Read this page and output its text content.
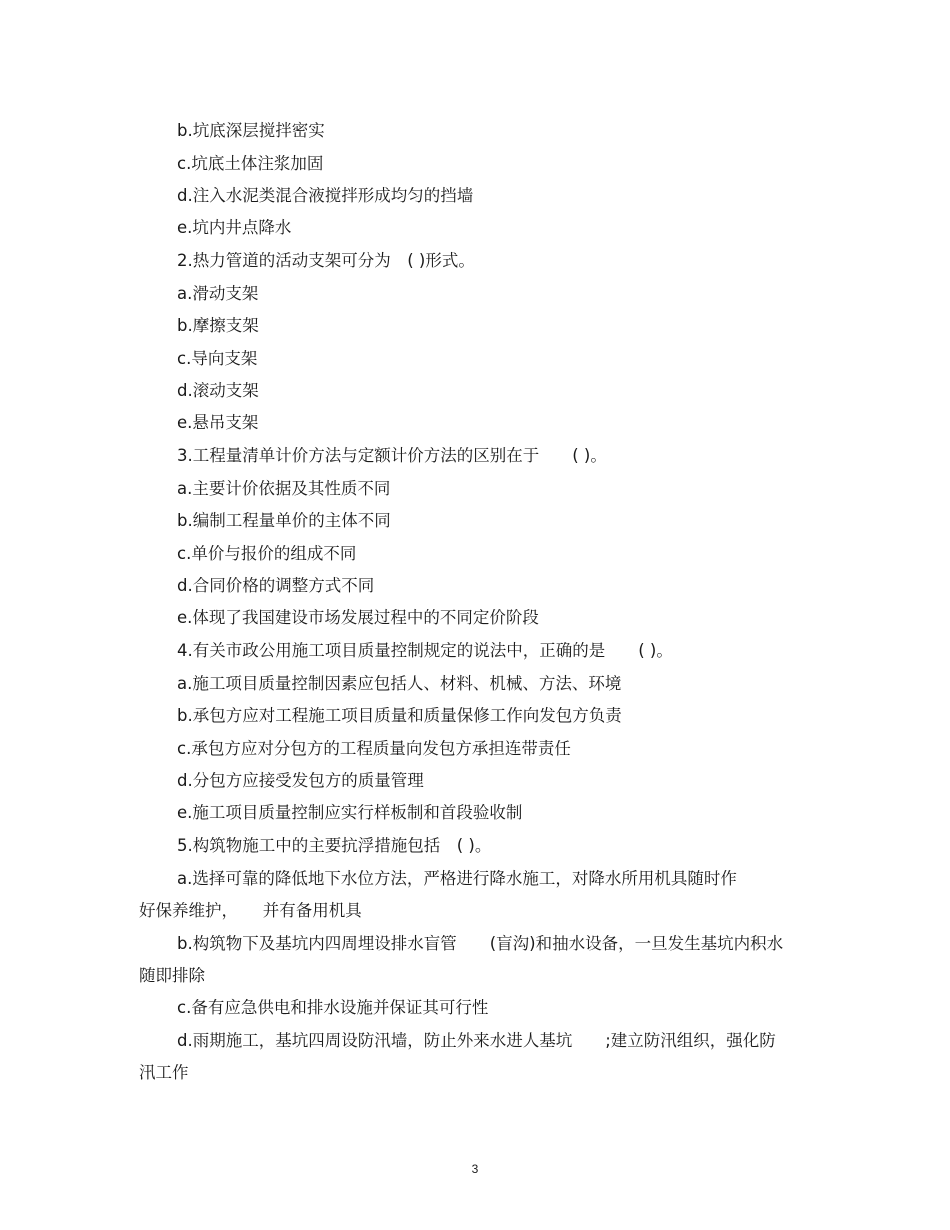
b.坑底深层搅拌密实
c.坑底土体注浆加固
d.注入水泥类混合液搅拌形成均匀的挡墙
e.坑内井点降水
2.热力管道的活动支架可分为　( )形式。
a.滑动支架
b.摩擦支架
c.导向支架
d.滚动支架
e.悬吊支架
3.工程量清单计价方法与定额计价方法的区别在于　　( )。
a.主要计价依据及其性质不同
b.编制工程量单价的主体不同
c.单价与报价的组成不同
d.合同价格的调整方式不同
e.体现了我国建设市场发展过程中的不同定价阶段
4.有关市政公用施工项目质量控制规定的说法中，正确的是　　( )。
a.施工项目质量控制因素应包括人、材料、机械、方法、环境
b.承包方应对工程施工项目质量和质量保修工作向发包方负责
c.承包方应对分包方的工程质量向发包方承担连带责任
d.分包方应接受发包方的质量管理
e.施工项目质量控制应实行样板制和首段验收制
5.构筑物施工中的主要抗浮措施包括　( )。
a.选择可靠的降低地下水位方法，严格进行降水施工，对降水所用机具随时作
好保养维护，　　并有备用机具
b.构筑物下及基坑内四周埋设排水盲管　　(盲沟)和抽水设备，一旦发生基坑内积水
随即排除
c.备有应急供电和排水设施并保证其可行性
d.雨期施工，基坑四周设防汛墙，防止外来水进人基坑　　;建立防汛组织，强化防
汛工作
3
